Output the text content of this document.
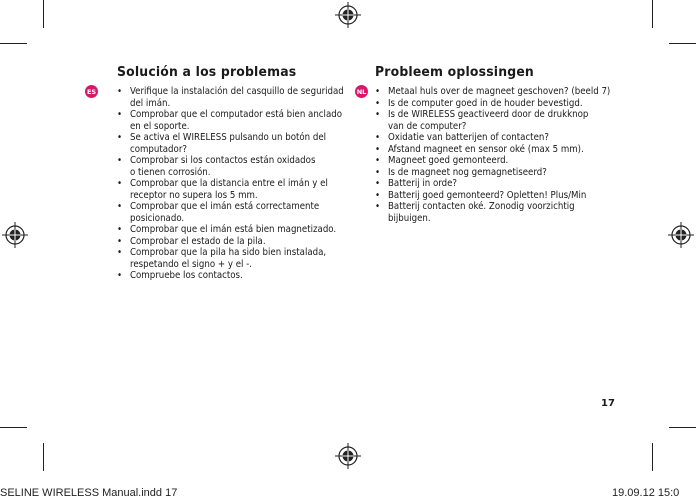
ES
Solución a los problemas
• Verifique la instalación del casquillo de seguridad
del imán.
• Comprobar que el computador está bien anclado
en el soporte.
• Se activa el WIRELESS pulsando un botón del
computador?
• Comprobar si los contactos están oxidados
o tienen corrosión.
• Comprobar que la distancia entre el imán y el
receptor no supera los 5 mm.
• Comprobar que el imán está correctamente
posicionado.
• Comprobar que el imán está bien magnetizado.
• Comprobar el estado de la pila.
• Comprobar que la pila ha sido bien instalada,
respetando el signo + y el -.
• Compruebe los contactos.
NL
Probleem oplossingen
• Metaal huls over de magneet geschoven? (beeld 7)
• Is de computer goed in de houder bevestigd.
• Is de WIRELESS geactiveerd door de drukknop
van de computer?
• Oxidatie van batterijen of contacten?
• Afstand magneet en sensor oké (max 5 mm).
• Magneet goed gemonteerd.
• Is de magneet nog gemagnetiseerd?
• Batterij in orde?
• Batterij goed gemonteerd? Opletten! Plus/Min
• Batterij contacten oké. Zonodig voorzichtig
bijbuigen.
17
SELINE WIRELESS Manual.indd 17	19.09.12 15:0
